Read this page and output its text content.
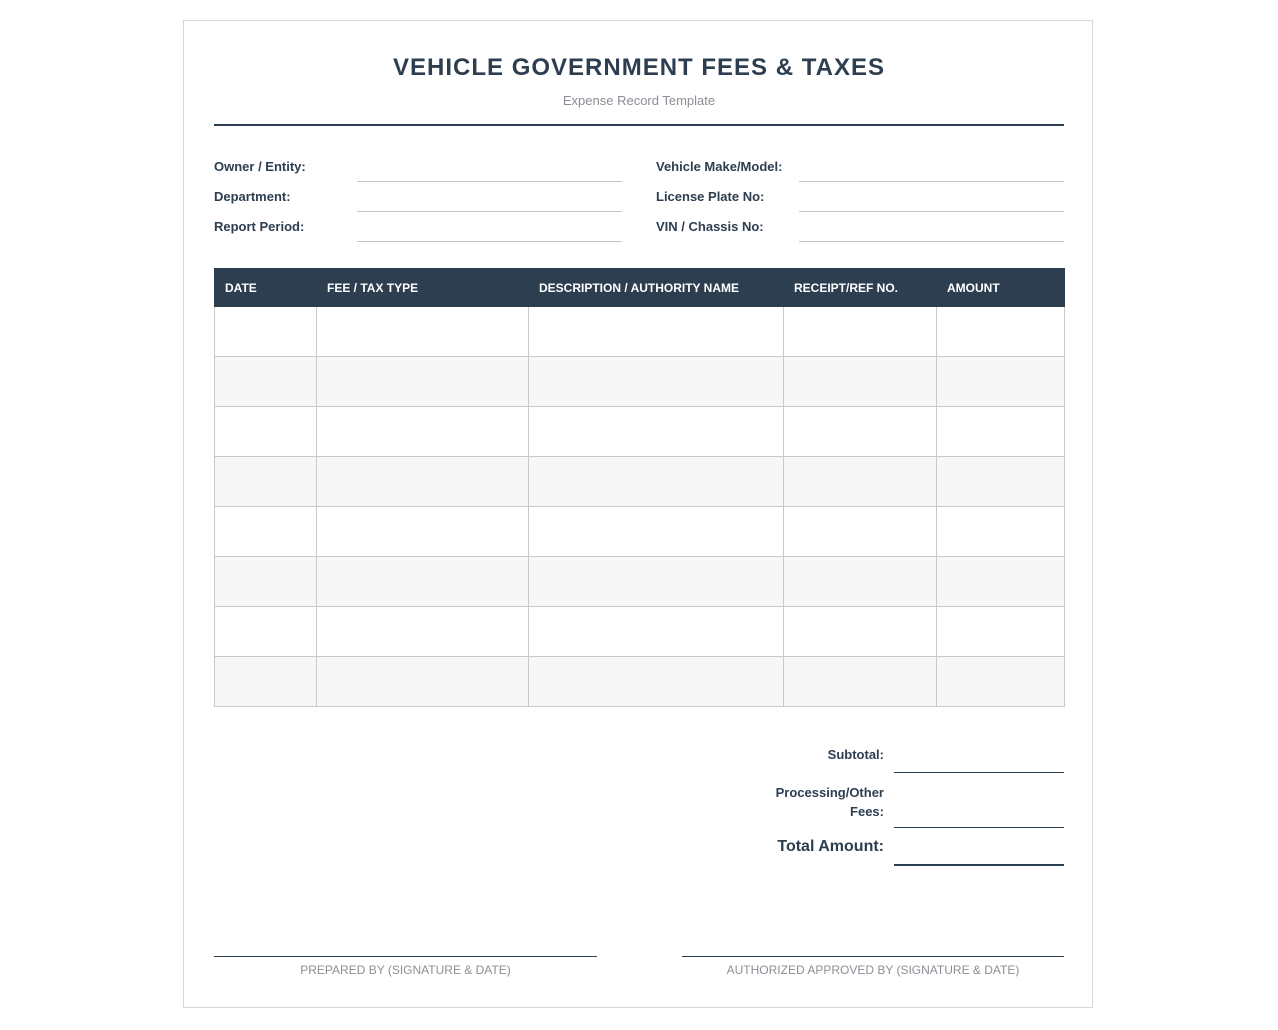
VEHICLE GOVERNMENT FEES & TAXES
Expense Record Template
Owner / Entity:
Department:
Report Period:
Vehicle Make/Model:
License Plate No:
VIN / Chassis No:
DATE	FEE / TAX TYPE	DESCRIPTION / AUTHORITY NAME	RECEIPT/REF NO.	AMOUNT

Subtotal:
Processing/Other
Fees:
Total Amount:
PREPARED BY (SIGNATURE & DATE)	AUTHORIZED APPROVED BY (SIGNATURE & DATE)
